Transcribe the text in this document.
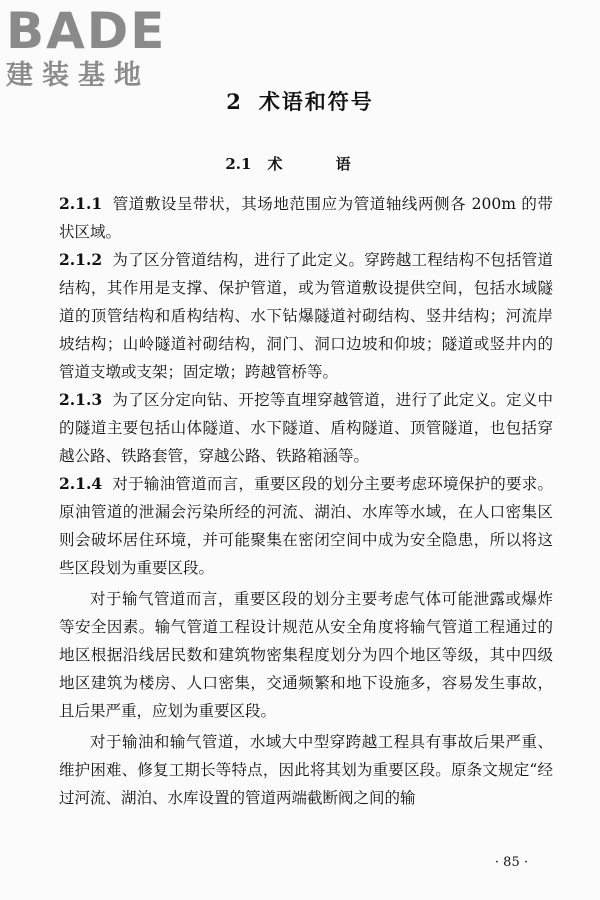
BADE
建装基地
2 术语和符号
2.1 术 语

2.1.1 管道敷设呈带状，其场地范围应为管道轴线两侧各 200m 的带状区域。

2.1.2 为了区分管道结构，进行了此定义。穿跨越工程结构不包括管道结构，其作用是支撑、保护管道，或为管道敷设提供空间，包括水域隧道的顶管结构和盾构结构、水下钻爆隧道衬砌结构、竖井结构；河流岸坡结构；山岭隧道衬砌结构，洞门、洞口边坡和仰坡；隧道或竖井内的管道支墩或支架；固定墩；跨越管桥等。

2.1.3 为了区分定向钻、开挖等直埋穿越管道，进行了此定义。定义中的隧道主要包括山体隧道、水下隧道、盾构隧道、顶管隧道，也包括穿越公路、铁路套管，穿越公路、铁路箱涵等。

2.1.4 对于输油管道而言，重要区段的划分主要考虑环境保护的要求。原油管道的泄漏会污染所经的河流、湖泊、水库等水域，在人口密集区则会破坏居住环境，并可能聚集在密闭空间中成为安全隐患，所以将这些区段划为重要区段。

对于输气管道而言，重要区段的划分主要考虑气体可能泄露或爆炸等安全因素。输气管道工程设计规范从安全角度将输气管道工程通过的地区根据沿线居民数和建筑物密集程度划分为四个地区等级，其中四级地区建筑为楼房、人口密集，交通频繁和地下设施多，容易发生事故，且后果严重，应划为重要区段。

对于输油和输气管道，水域大中型穿跨越工程具有事故后果严重、维护困难、修复工期长等特点，因此将其划为重要区段。原条文规定“经过河流、湖泊、水库设置的管道两端截断阀之间的输

· 85 ·
